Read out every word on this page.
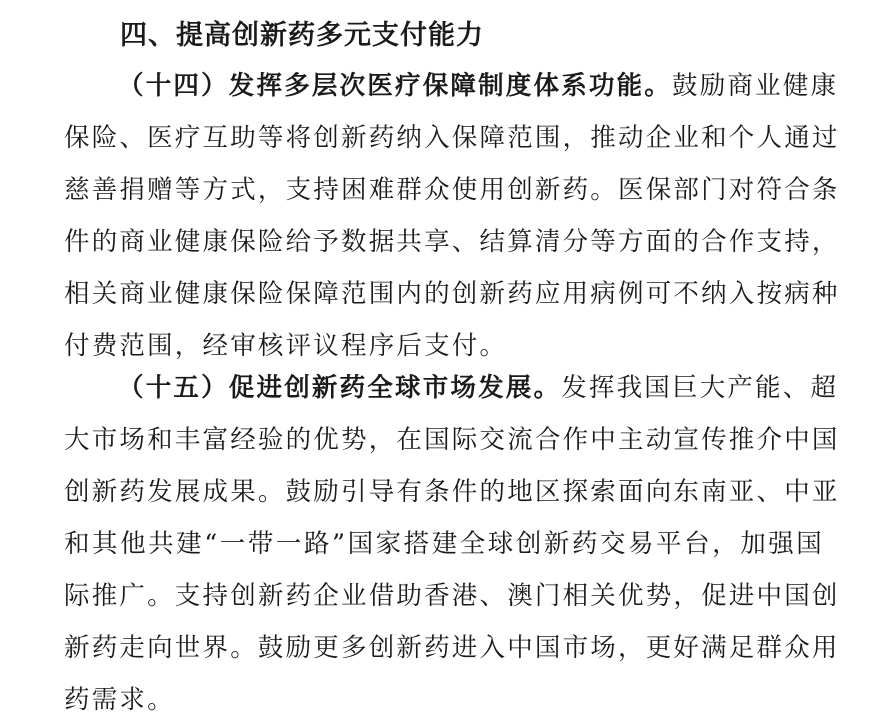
四、提高创新药多元支付能力
（十四）发挥多层次医疗保障制度体系功能。鼓励商业健康
保险、医疗互助等将创新药纳入保障范围，推动企业和个人通过
慈善捐赠等方式，支持困难群众使用创新药。医保部门对符合条
件的商业健康保险给予数据共享、结算清分等方面的合作支持，
相关商业健康保险保障范围内的创新药应用病例可不纳入按病种
付费范围，经审核评议程序后支付。
（十五）促进创新药全球市场发展。发挥我国巨大产能、超
大市场和丰富经验的优势，在国际交流合作中主动宣传推介中国
创新药发展成果。鼓励引导有条件的地区探索面向东南亚、中亚
和其他共建“一带一路”国家搭建全球创新药交易平台，加强国
际推广。支持创新药企业借助香港、澳门相关优势，促进中国创
新药走向世界。鼓励更多创新药进入中国市场，更好满足群众用
药需求。
